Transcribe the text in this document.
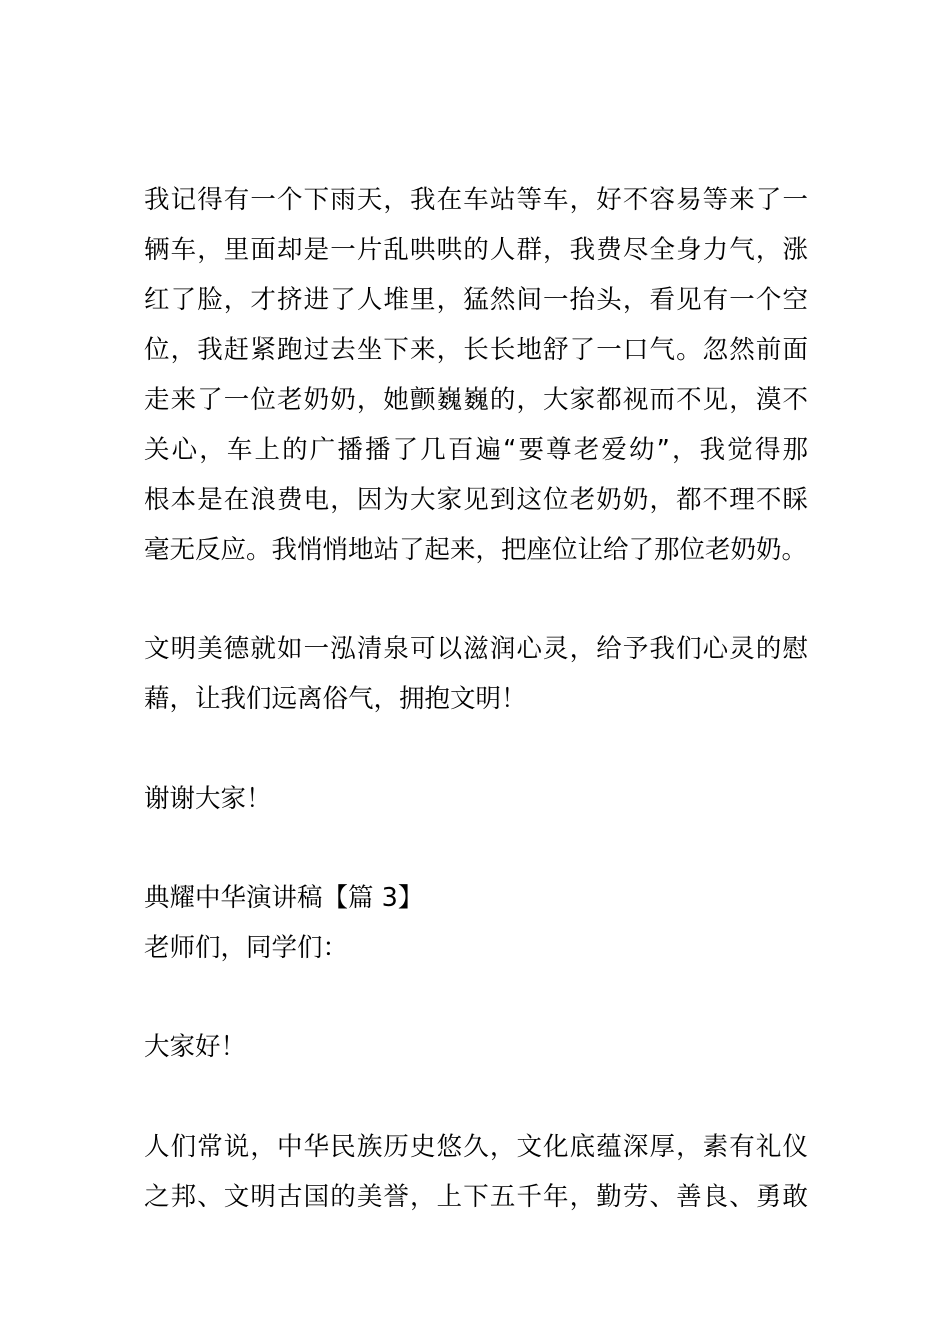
我记得有一个下雨天，我在车站等车，好不容易等来了一
辆车，里面却是一片乱哄哄的人群，我费尽全身力气，涨
红了脸，才挤进了人堆里，猛然间一抬头，看见有一个空
位，我赶紧跑过去坐下来，长长地舒了一口气。忽然前面
走来了一位老奶奶，她颤巍巍的，大家都视而不见，漠不
关心，车上的广播播了几百遍“要尊老爱幼”，我觉得那
根本是在浪费电，因为大家见到这位老奶奶，都不理不睬
毫无反应。我悄悄地站了起来，把座位让给了那位老奶奶。
文明美德就如一泓清泉可以滋润心灵，给予我们心灵的慰
藉，让我们远离俗气，拥抱文明！
谢谢大家！
典耀中华演讲稿【篇 3】
老师们，同学们：
大家好！
人们常说，中华民族历史悠久，文化底蕴深厚，素有礼仪
之邦、文明古国的美誉，上下五千年，勤劳、善良、勇敢
